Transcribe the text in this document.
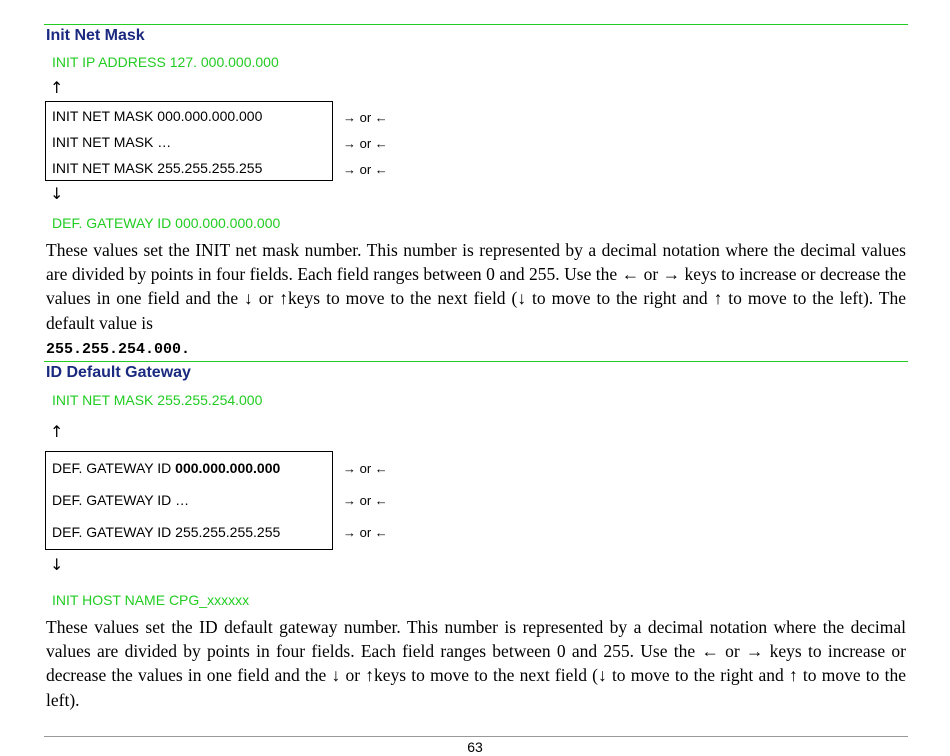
Init Net Mask
INIT IP ADDRESS 127. 000.000.000
↑
INIT NET MASK 000.000.000.000
INIT NET MASK …
INIT NET MASK 255.255.255.255
→ or ←
→ or ←
→ or ←
↓
DEF. GATEWAY ID 000.000.000.000

These values set the INIT net mask number. This number is represented by a decimal notation where the decimal values are divided by points in four fields. Each field ranges between 0 and 255. Use the ← or → keys to increase or decrease the values in one field and the ↓ or ↑keys to move to the next field (↓ to move to the right and ↑ to move to the left). The default value is
255.255.254.000.

ID Default Gateway
INIT NET MASK 255.255.254.000
↑
DEF. GATEWAY ID 000.000.000.000
DEF. GATEWAY ID …
DEF. GATEWAY ID 255.255.255.255
→ or ←
→ or ←
→ or ←
↓
INIT HOST NAME CPG_xxxxxx

These values set the ID default gateway number. This number is represented by a decimal notation where the decimal values are divided by points in four fields. Each field ranges between 0 and 255. Use the ← or → keys to increase or decrease the values in one field and the ↓ or ↑keys to move to the next field (↓ to move to the right and ↑ to move to the left).

63
